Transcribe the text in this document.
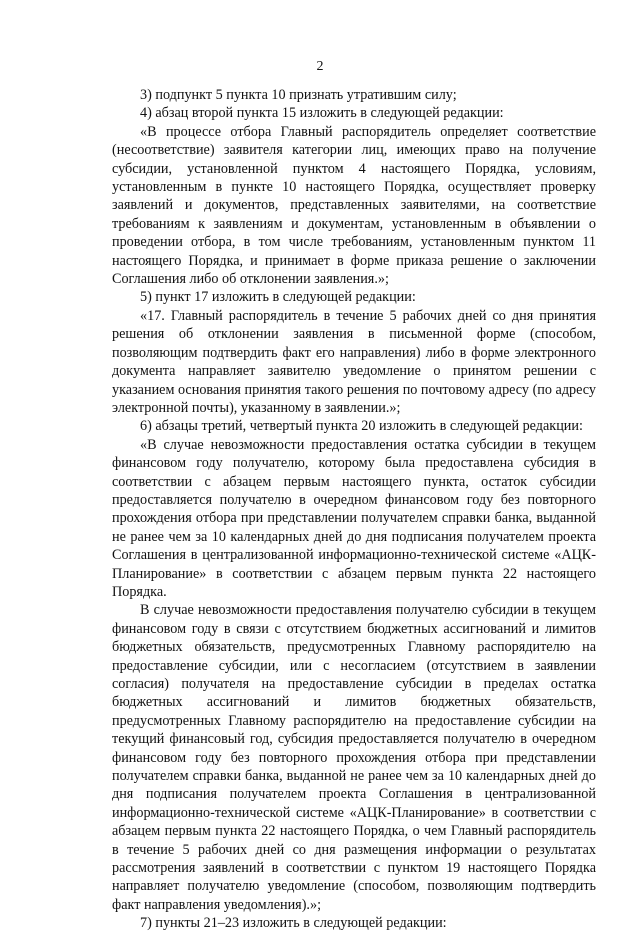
2

3) подпункт 5 пункта 10 признать утратившим силу;

4) абзац второй пункта 15 изложить в следующей редакции:

«В процессе отбора Главный распорядитель определяет соответствие (несоответствие) заявителя категории лиц, имеющих право на получение субсидии, установленной пунктом 4 настоящего Порядка, условиям, установленным в пункте 10 настоящего Порядка, осуществляет проверку заявлений и документов, представленных заявителями, на соответствие требованиям к заявлениям и документам, установленным в объявлении о проведении отбора, в том числе требованиям, установленным пунктом 11 настоящего Порядка, и принимает в форме приказа решение о заключении Соглашения либо об отклонении заявления.»;

5) пункт 17 изложить в следующей редакции:

«17. Главный распорядитель в течение 5 рабочих дней со дня принятия решения об отклонении заявления в письменной форме (способом, позволяющим подтвердить факт его направления) либо в форме электронного документа направляет заявителю уведомление о принятом решении с указанием основания принятия такого решения по почтовому адресу (по адресу электронной почты), указанному в заявлении.»;

6) абзацы третий, четвертый пункта 20 изложить в следующей редакции:

«В случае невозможности предоставления остатка субсидии в текущем финансовом году получателю, которому была предоставлена субсидия в соответствии с абзацем первым настоящего пункта, остаток субсидии предоставляется получателю в очередном финансовом году без повторного прохождения отбора при представлении получателем справки банка, выданной не ранее чем за 10 календарных дней до дня подписания получателем проекта Соглашения в централизованной информационно-технической системе «АЦК-Планирование» в соответствии с абзацем первым пункта 22 настоящего Порядка.

В случае невозможности предоставления получателю субсидии в текущем финансовом году в связи с отсутствием бюджетных ассигнований и лимитов бюджетных обязательств, предусмотренных Главному распорядителю на предоставление субсидии, или с несогласием (отсутствием в заявлении согласия) получателя на предоставление субсидии в пределах остатка бюджетных ассигнований и лимитов бюджетных обязательств, предусмотренных Главному распорядителю на предоставление субсидии на текущий финансовый год, субсидия предоставляется получателю в очередном финансовом году без повторного прохождения отбора при представлении получателем справки банка, выданной не ранее чем за 10 календарных дней до дня подписания получателем проекта Соглашения в централизованной информационно-технической системе «АЦК-Планирование» в соответствии с абзацем первым пункта 22 настоящего Порядка, о чем Главный распорядитель в течение 5 рабочих дней со дня размещения информации о результатах рассмотрения заявлений в соответствии с пунктом 19 настоящего Порядка направляет получателю уведомление (способом, позволяющим подтвердить факт направления уведомления).»;

7) пункты 21–23 изложить в следующей редакции:
